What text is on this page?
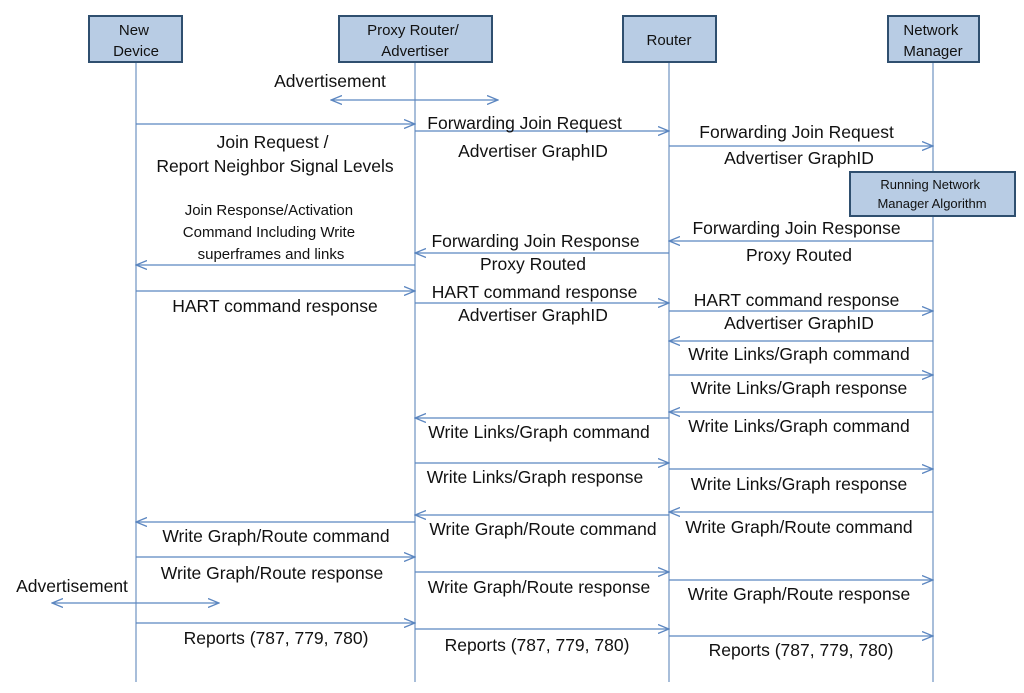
New Device
Proxy Router/ Advertiser
Router
Network Manager
Running Network Manager Algorithm
Advertisement
Join Request / Report Neighbor Signal Levels
Forwarding Join Request Advertiser GraphID
Forwarding Join Request Advertiser GraphID
Forwarding Join Response Proxy Routed
Forwarding Join Response Proxy Routed
Join Response/Activation Command Including Write superframes and links
HART command response
HART command response Advertiser GraphID
HART command response Advertiser GraphID
Write Links/Graph command
Write Links/Graph response
Write Links/Graph command
Write Links/Graph command
Write Links/Graph response	Write Links/Graph response
Write Graph/Route command
Write Graph/Route command
Write Graph/Route command
Write Graph/Route response
Write Graph/Route response Write Graph/Route response
Advertisement
Reports (787, 779, 780)	Reports (787, 779, 780)	Reports (787, 779, 780)
